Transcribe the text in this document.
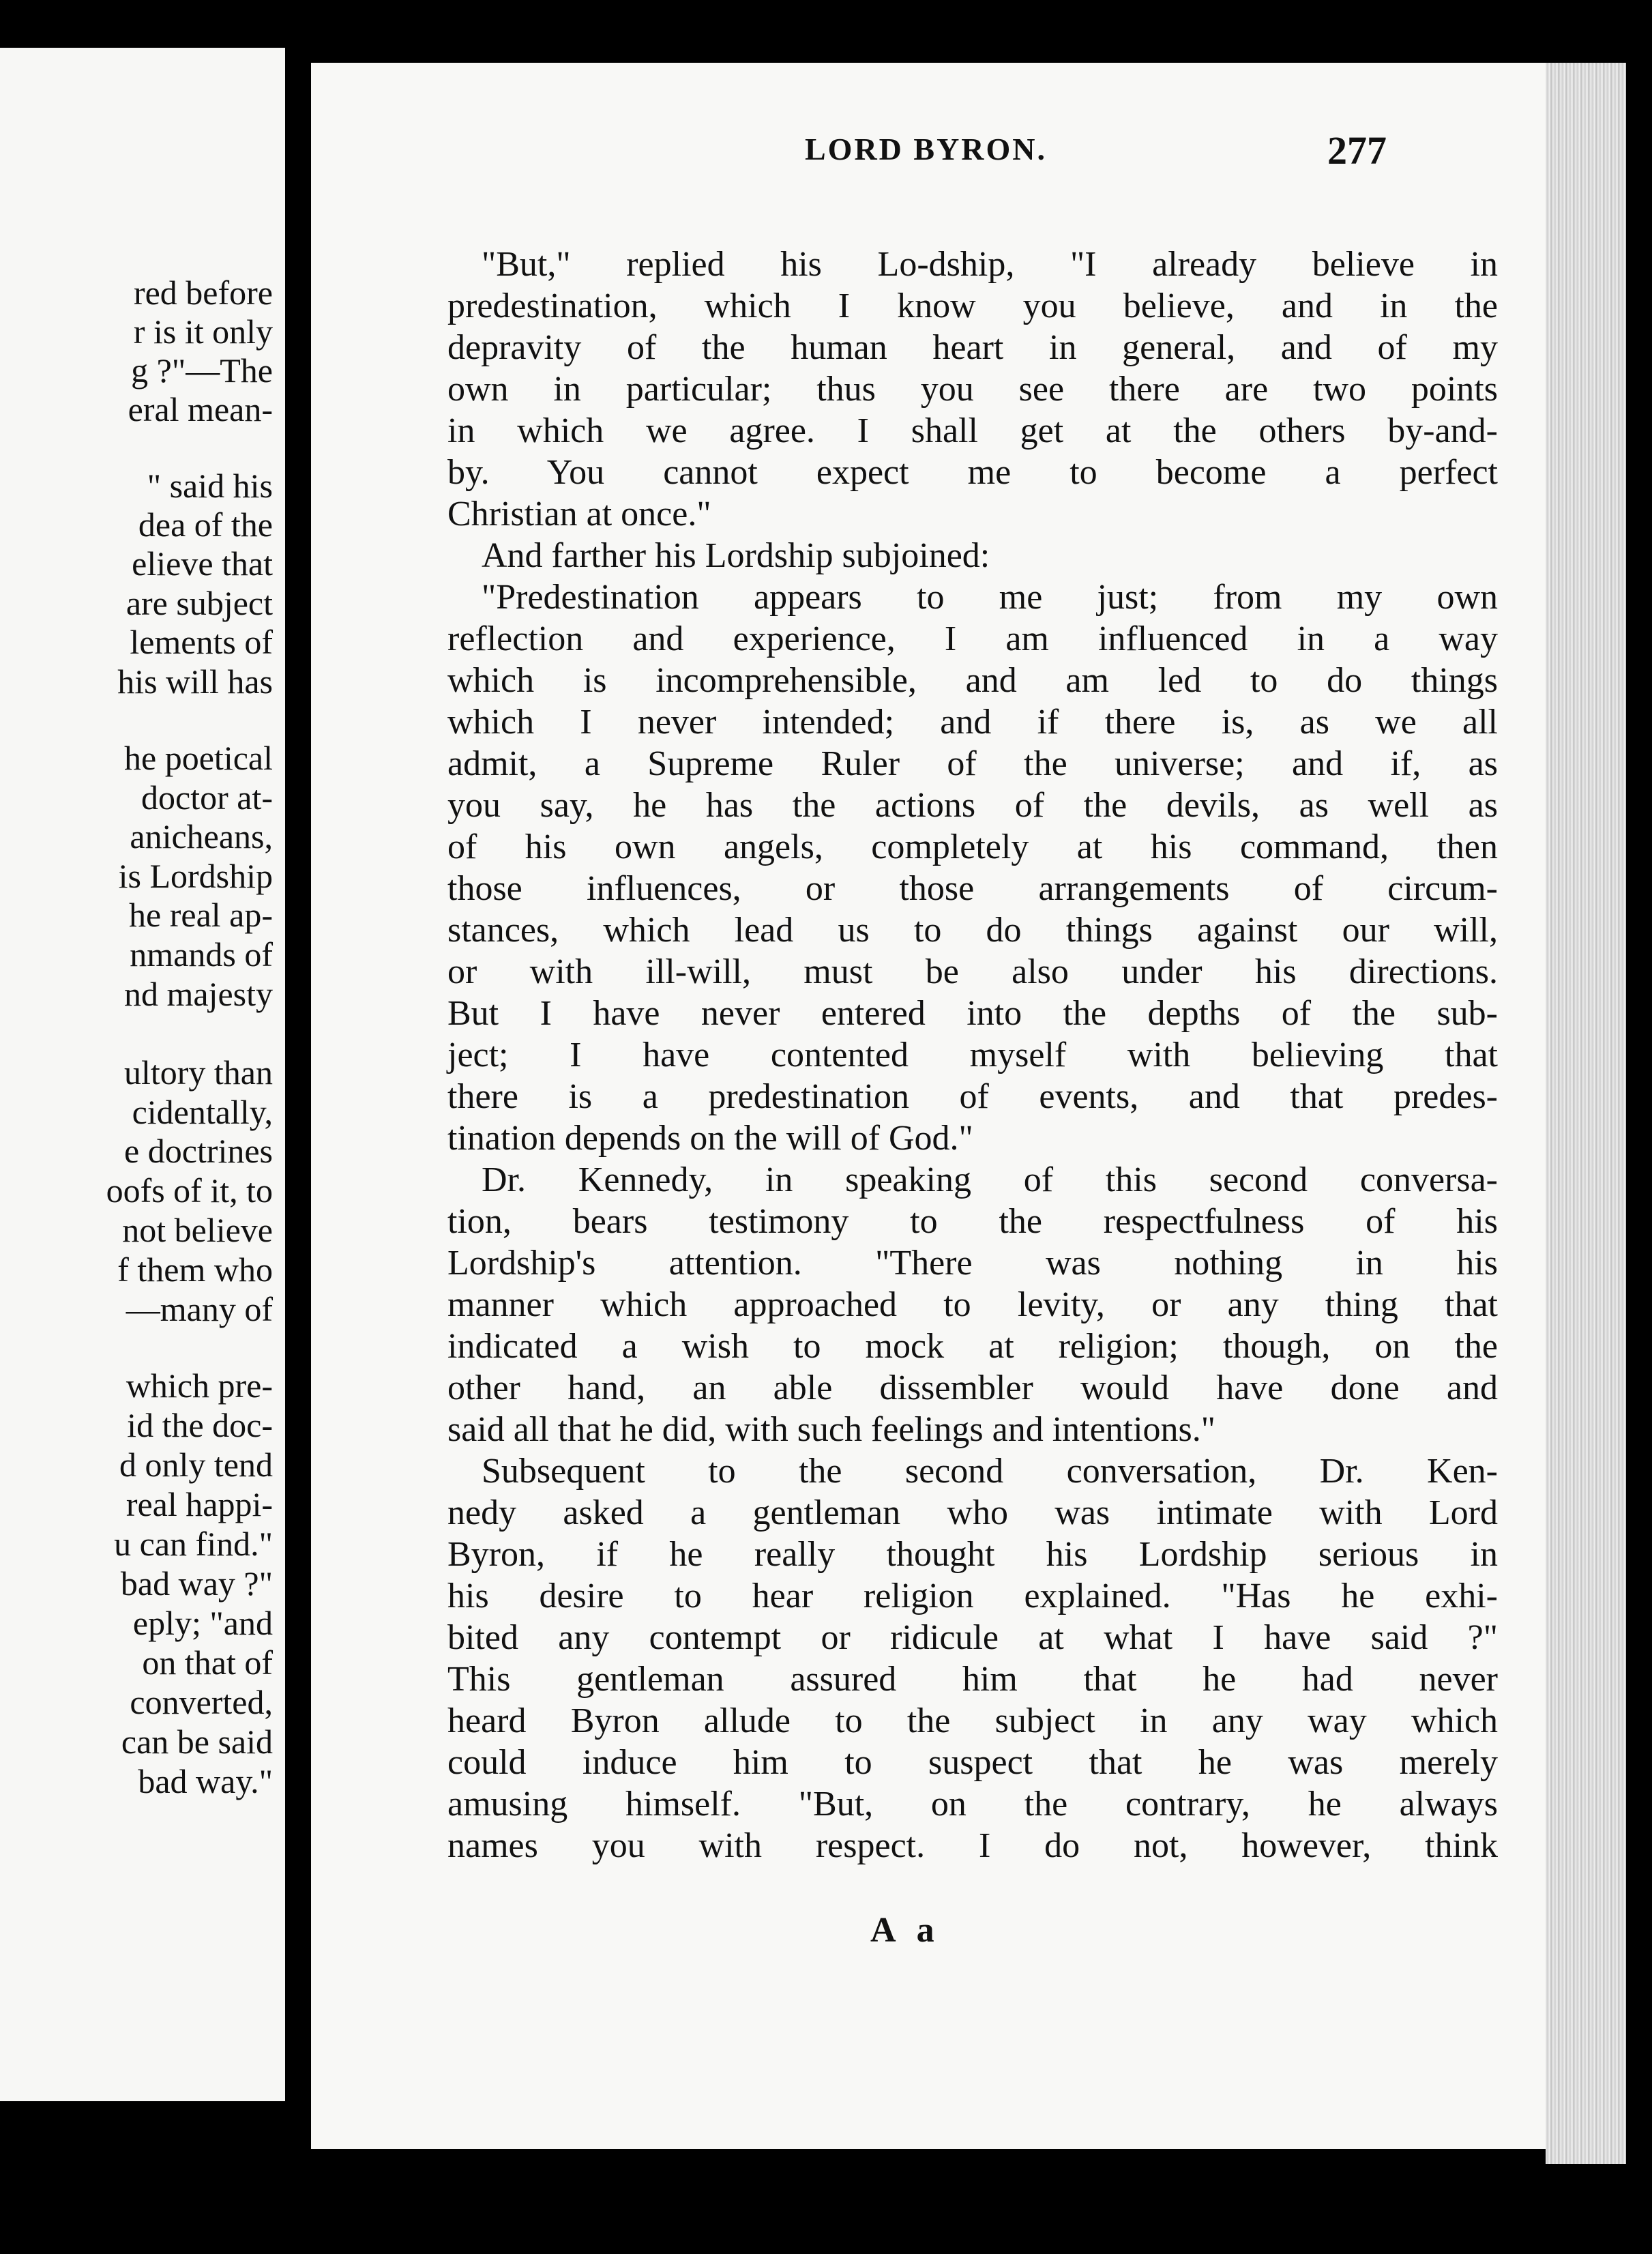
red before
r is it only
g ?"—The
eral mean-
" said his
dea of the
elieve that
are subject
lements of
his will has
he poetical
doctor at-
anicheans,
is Lordship
he real ap-
nmands of
nd majesty
ultory than
cidentally,
e doctrines
oofs of it, to
not believe
f them who
—many of
which pre-
id the doc-
d only tend
real happi-
u can find."
bad way ?"
eply; "and
on that of
converted,
can be said
bad way."
LORD BYRON.	277
"But," replied his Lo-dship, "I already believe in
predestination, which I know you believe, and in the
depravity of the human heart in general, and of my
own in particular; thus you see there are two points
in which we agree. I shall get at the others by-and-
by. You cannot expect me to become a perfect
Christian at once."
And farther his Lordship subjoined:
"Predestination appears to me just; from my own
reflection and experience, I am influenced in a way
which is incomprehensible, and am led to do things
which I never intended; and if there is, as we all
admit, a Supreme Ruler of the universe; and if, as
you say, he has the actions of the devils, as well as
of his own angels, completely at his command, then
those influences, or those arrangements of circum-
stances, which lead us to do things against our will,
or with ill-will, must be also under his directions.
But I have never entered into the depths of the sub-
ject; I have contented myself with believing that
there is a predestination of events, and that predes-
tination depends on the will of God."
Dr. Kennedy, in speaking of this second conversa-
tion, bears testimony to the respectfulness of his
Lordship's attention. "There was nothing in his
manner which approached to levity, or any thing that
indicated a wish to mock at religion; though, on the
other hand, an able dissembler would have done and
said all that he did, with such feelings and intentions."
Subsequent to the second conversation, Dr. Ken-
nedy asked a gentleman who was intimate with Lord
Byron, if he really thought his Lordship serious in
his desire to hear religion explained. "Has he exhi-
bited any contempt or ridicule at what I have said ?"
This gentleman assured him that he had never
heard Byron allude to the subject in any way which
could induce him to suspect that he was merely
amusing himself. "But, on the contrary, he always
names you with respect. I do not, however, think
A a
